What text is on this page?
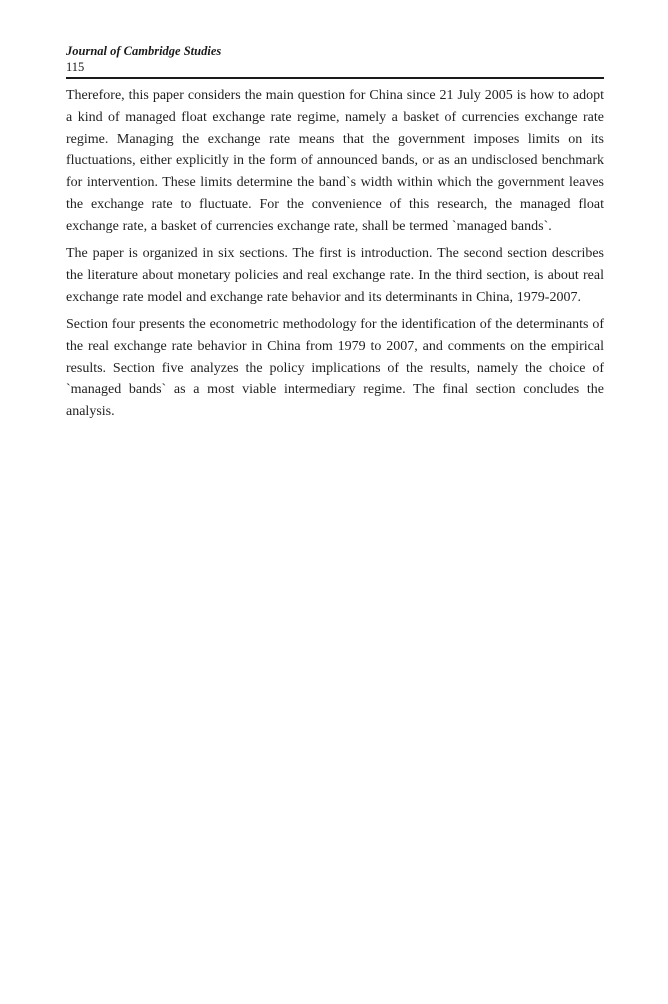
Journal of Cambridge Studies
115

Therefore, this paper considers the main question for China since 21 July 2005 is how to adopt a kind of managed float exchange rate regime, namely a basket of currencies exchange rate regime. Managing the exchange rate means that the government imposes limits on its fluctuations, either explicitly in the form of announced bands, or as an undisclosed benchmark for intervention. These limits determine the band`s width within which the government leaves the exchange rate to fluctuate. For the convenience of this research, the managed float exchange rate, a basket of currencies exchange rate, shall be termed `managed bands`.

The paper is organized in six sections. The first is introduction. The second section describes the literature about monetary policies and real exchange rate. In the third section, is about real exchange rate model and exchange rate behavior and its determinants in China, 1979-2007.

Section four presents the econometric methodology for the identification of the determinants of the real exchange rate behavior in China from 1979 to 2007, and comments on the empirical results. Section five analyzes the policy implications of the results, namely the choice of `managed bands` as a most viable intermediary regime. The final section concludes the analysis.
